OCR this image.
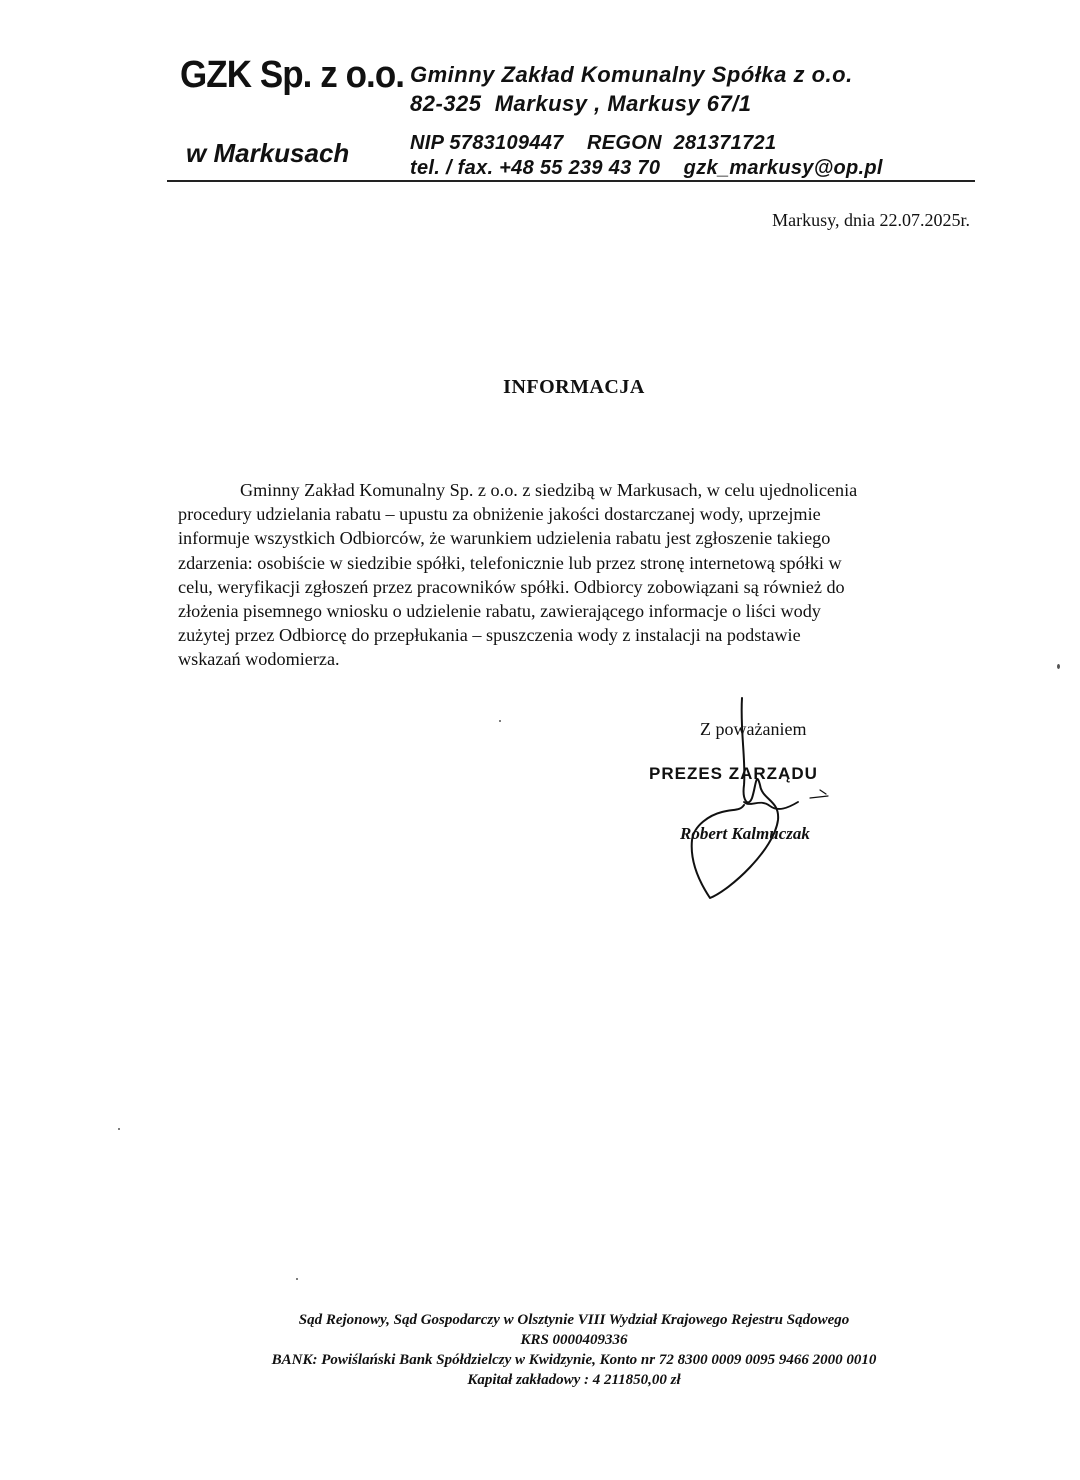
GZK Sp. z o.o.
w Markusach
Gminny Zakład Komunalny Spółka z o.o.
82-325  Markusy , Markusy 67/1
NIP 5783109447    REGON  281371721
tel. / fax. +48 55 239 43 70    gzk_markusy@op.pl
Markusy, dnia 22.07.2025r.
INFORMACJA
Gminny Zakład Komunalny Sp. z o.o. z siedzibą w Markusach, w celu ujednolicenia
procedury udzielania rabatu – upustu za obniżenie jakości dostarczanej wody, uprzejmie
informuje wszystkich Odbiorców, że warunkiem udzielenia rabatu jest zgłoszenie takiego
zdarzenia: osobiście w siedzibie spółki, telefonicznie lub przez stronę internetową spółki w
celu, weryfikacji zgłoszeń przez pracowników spółki. Odbiorcy zobowiązani są również do
złożenia pisemnego wniosku o udzielenie rabatu, zawierającego informacje o liści wody
zużytej przez Odbiorcę do przepłukania – spuszczenia wody z instalacji na podstawie
wskazań wodomierza.
Z poważaniem
PREZES ZARZĄDU
Robert Kalmuczak
Sąd Rejonowy, Sąd Gospodarczy w Olsztynie VIII Wydział Krajowego Rejestru Sądowego
KRS 0000409336
BANK: Powiślański Bank Spółdzielczy w Kwidzynie, Konto nr 72 8300 0009 0095 9466 2000 0010
Kapitał zakładowy : 4 211850,00 zł
